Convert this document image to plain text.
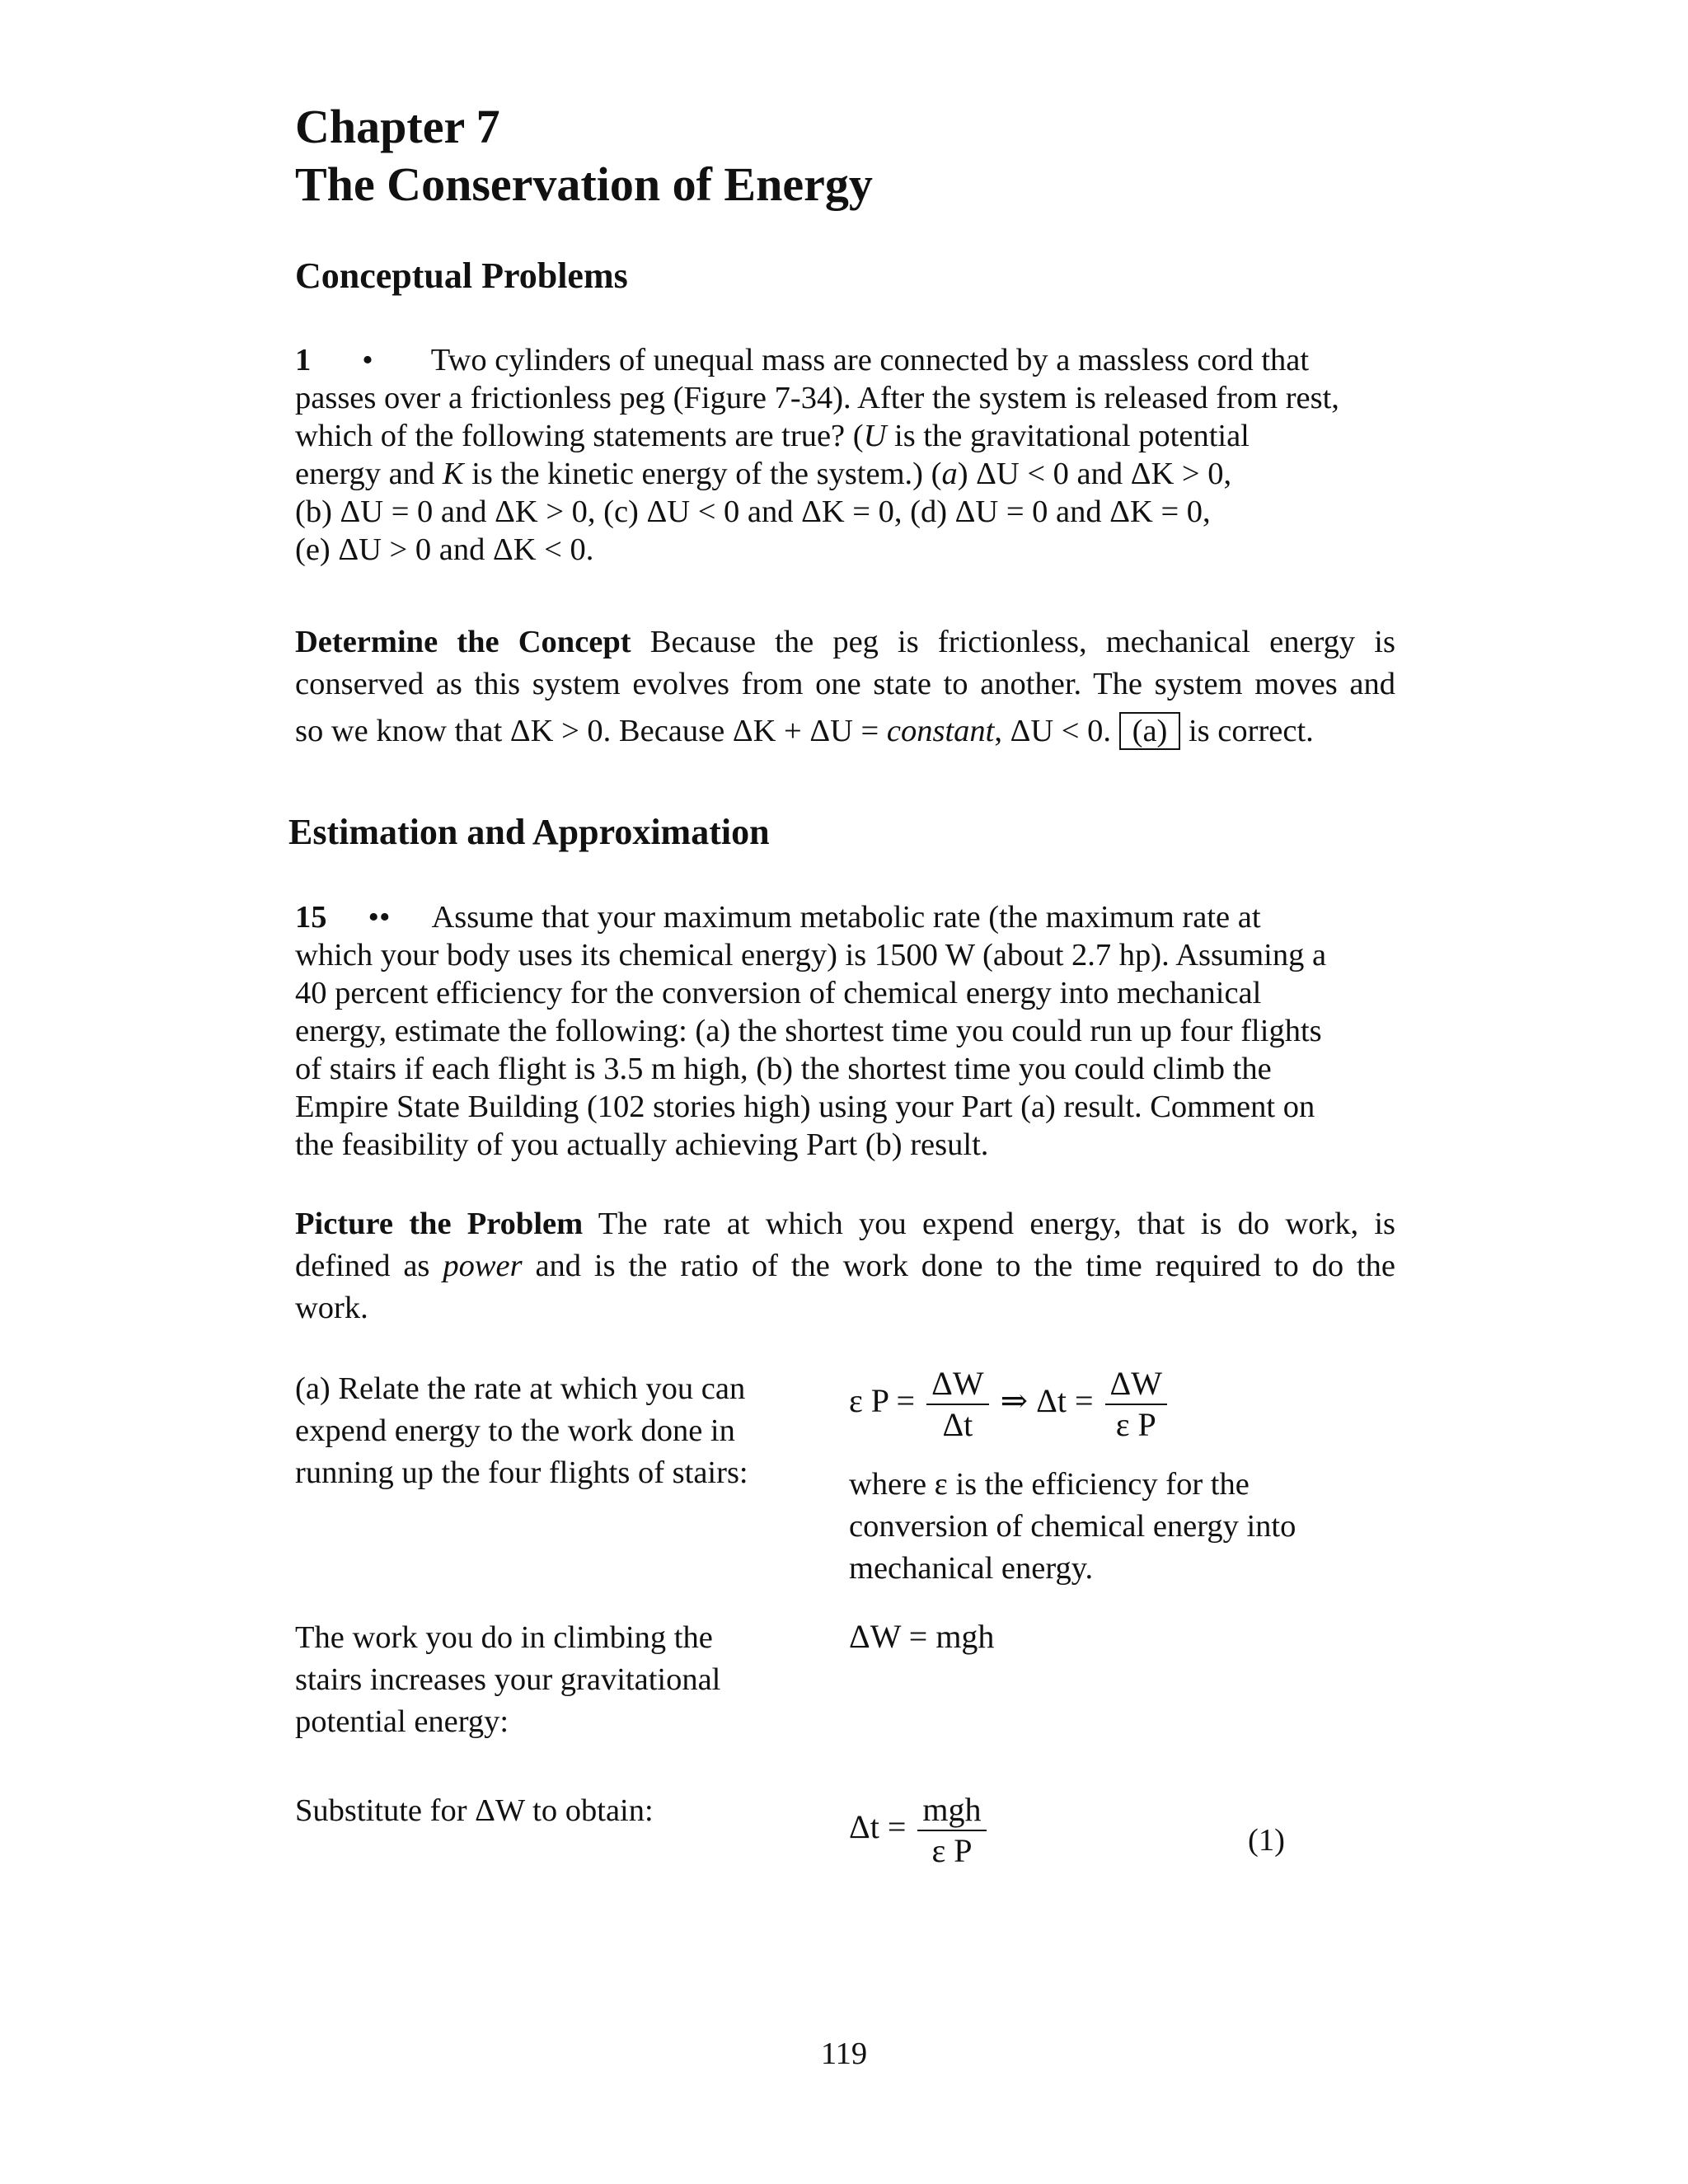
Chapter 7
The Conservation of Energy
Conceptual Problems
1 • Two cylinders of unequal mass are connected by a massless cord that
passes over a frictionless peg (Figure 7-34). After the system is released from rest,
which of the following statements are true? (U is the gravitational potential
energy and K is the kinetic energy of the system.) (a) ΔU < 0 and ΔK > 0,
(b) ΔU = 0 and ΔK > 0, (c) ΔU < 0 and ΔK = 0, (d) ΔU = 0 and ΔK = 0,
(e) ΔU > 0 and ΔK < 0.
Determine the Concept Because the peg is frictionless, mechanical energy is
conserved as this system evolves from one state to another. The system moves and
so we know that ΔK > 0. Because ΔK + ΔU = constant, ΔU < 0. (a) is correct.
Estimation and Approximation
15 •• Assume that your maximum metabolic rate (the maximum rate at
which your body uses its chemical energy) is 1500 W (about 2.7 hp). Assuming a
40 percent efficiency for the conversion of chemical energy into mechanical
energy, estimate the following: (a) the shortest time you could run up four flights
of stairs if each flight is 3.5 m high, (b) the shortest time you could climb the
Empire State Building (102 stories high) using your Part (a) result. Comment on
the feasibility of you actually achieving Part (b) result.
Picture the Problem The rate at which you expend energy, that is do work, is
defined as power and is the ratio of the work done to the time required to do the
work.
(a) Relate the rate at which you can
expend energy to the work done in
running up the four flights of stairs:
ε $P = \frac{\Delta W}{\Delta t}$ ⇒ $\Delta t = \frac{\Delta W}{\text{ε P}}$
where ε is the efficiency for the
conversion of chemical energy into
mechanical energy.
The work you do in climbing the
stairs increases your gravitational
potential energy:
ΔW = mgh
Substitute for ΔW to obtain:	$\Delta t = \frac{\text{mgh}}{\text{ε P}}$	(1)
119
